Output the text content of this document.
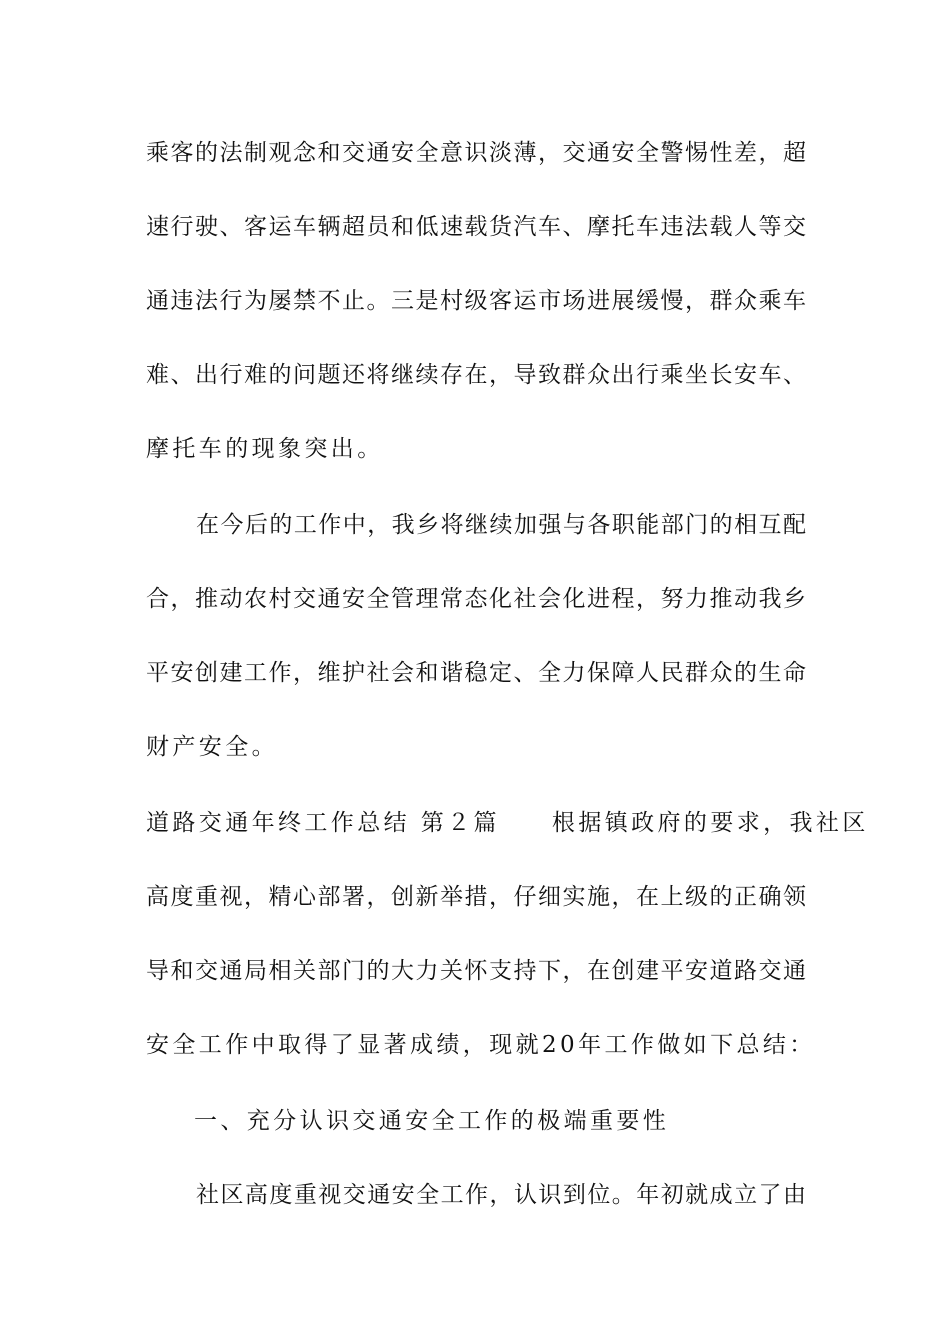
乘客的法制观念和交通安全意识淡薄，交通安全警惕性差，超

速行驶、客运车辆超员和低速载货汽车、摩托车违法载人等交

通违法行为屡禁不止。三是村级客运市场进展缓慢，群众乘车

难、出行难的问题还将继续存在，导致群众出行乘坐长安车、

摩托车的现象突出。

在今后的工作中，我乡将继续加强与各职能部门的相互配

合，推动农村交通安全管理常态化社会化进程，努力推动我乡

平安创建工作，维护社会和谐稳定、全力保障人民群众的生命

财产安全。

道路交通年终工作总结 第２篇 根据镇政府的要求，我社区

高度重视，精心部署，创新举措，仔细实施，在上级的正确领

导和交通局相关部门的大力关怀支持下，在创建平安道路交通

安全工作中取得了显著成绩，现就20年工作做如下总结：

一、充分认识交通安全工作的极端重要性

社区高度重视交通安全工作，认识到位。年初就成立了由
